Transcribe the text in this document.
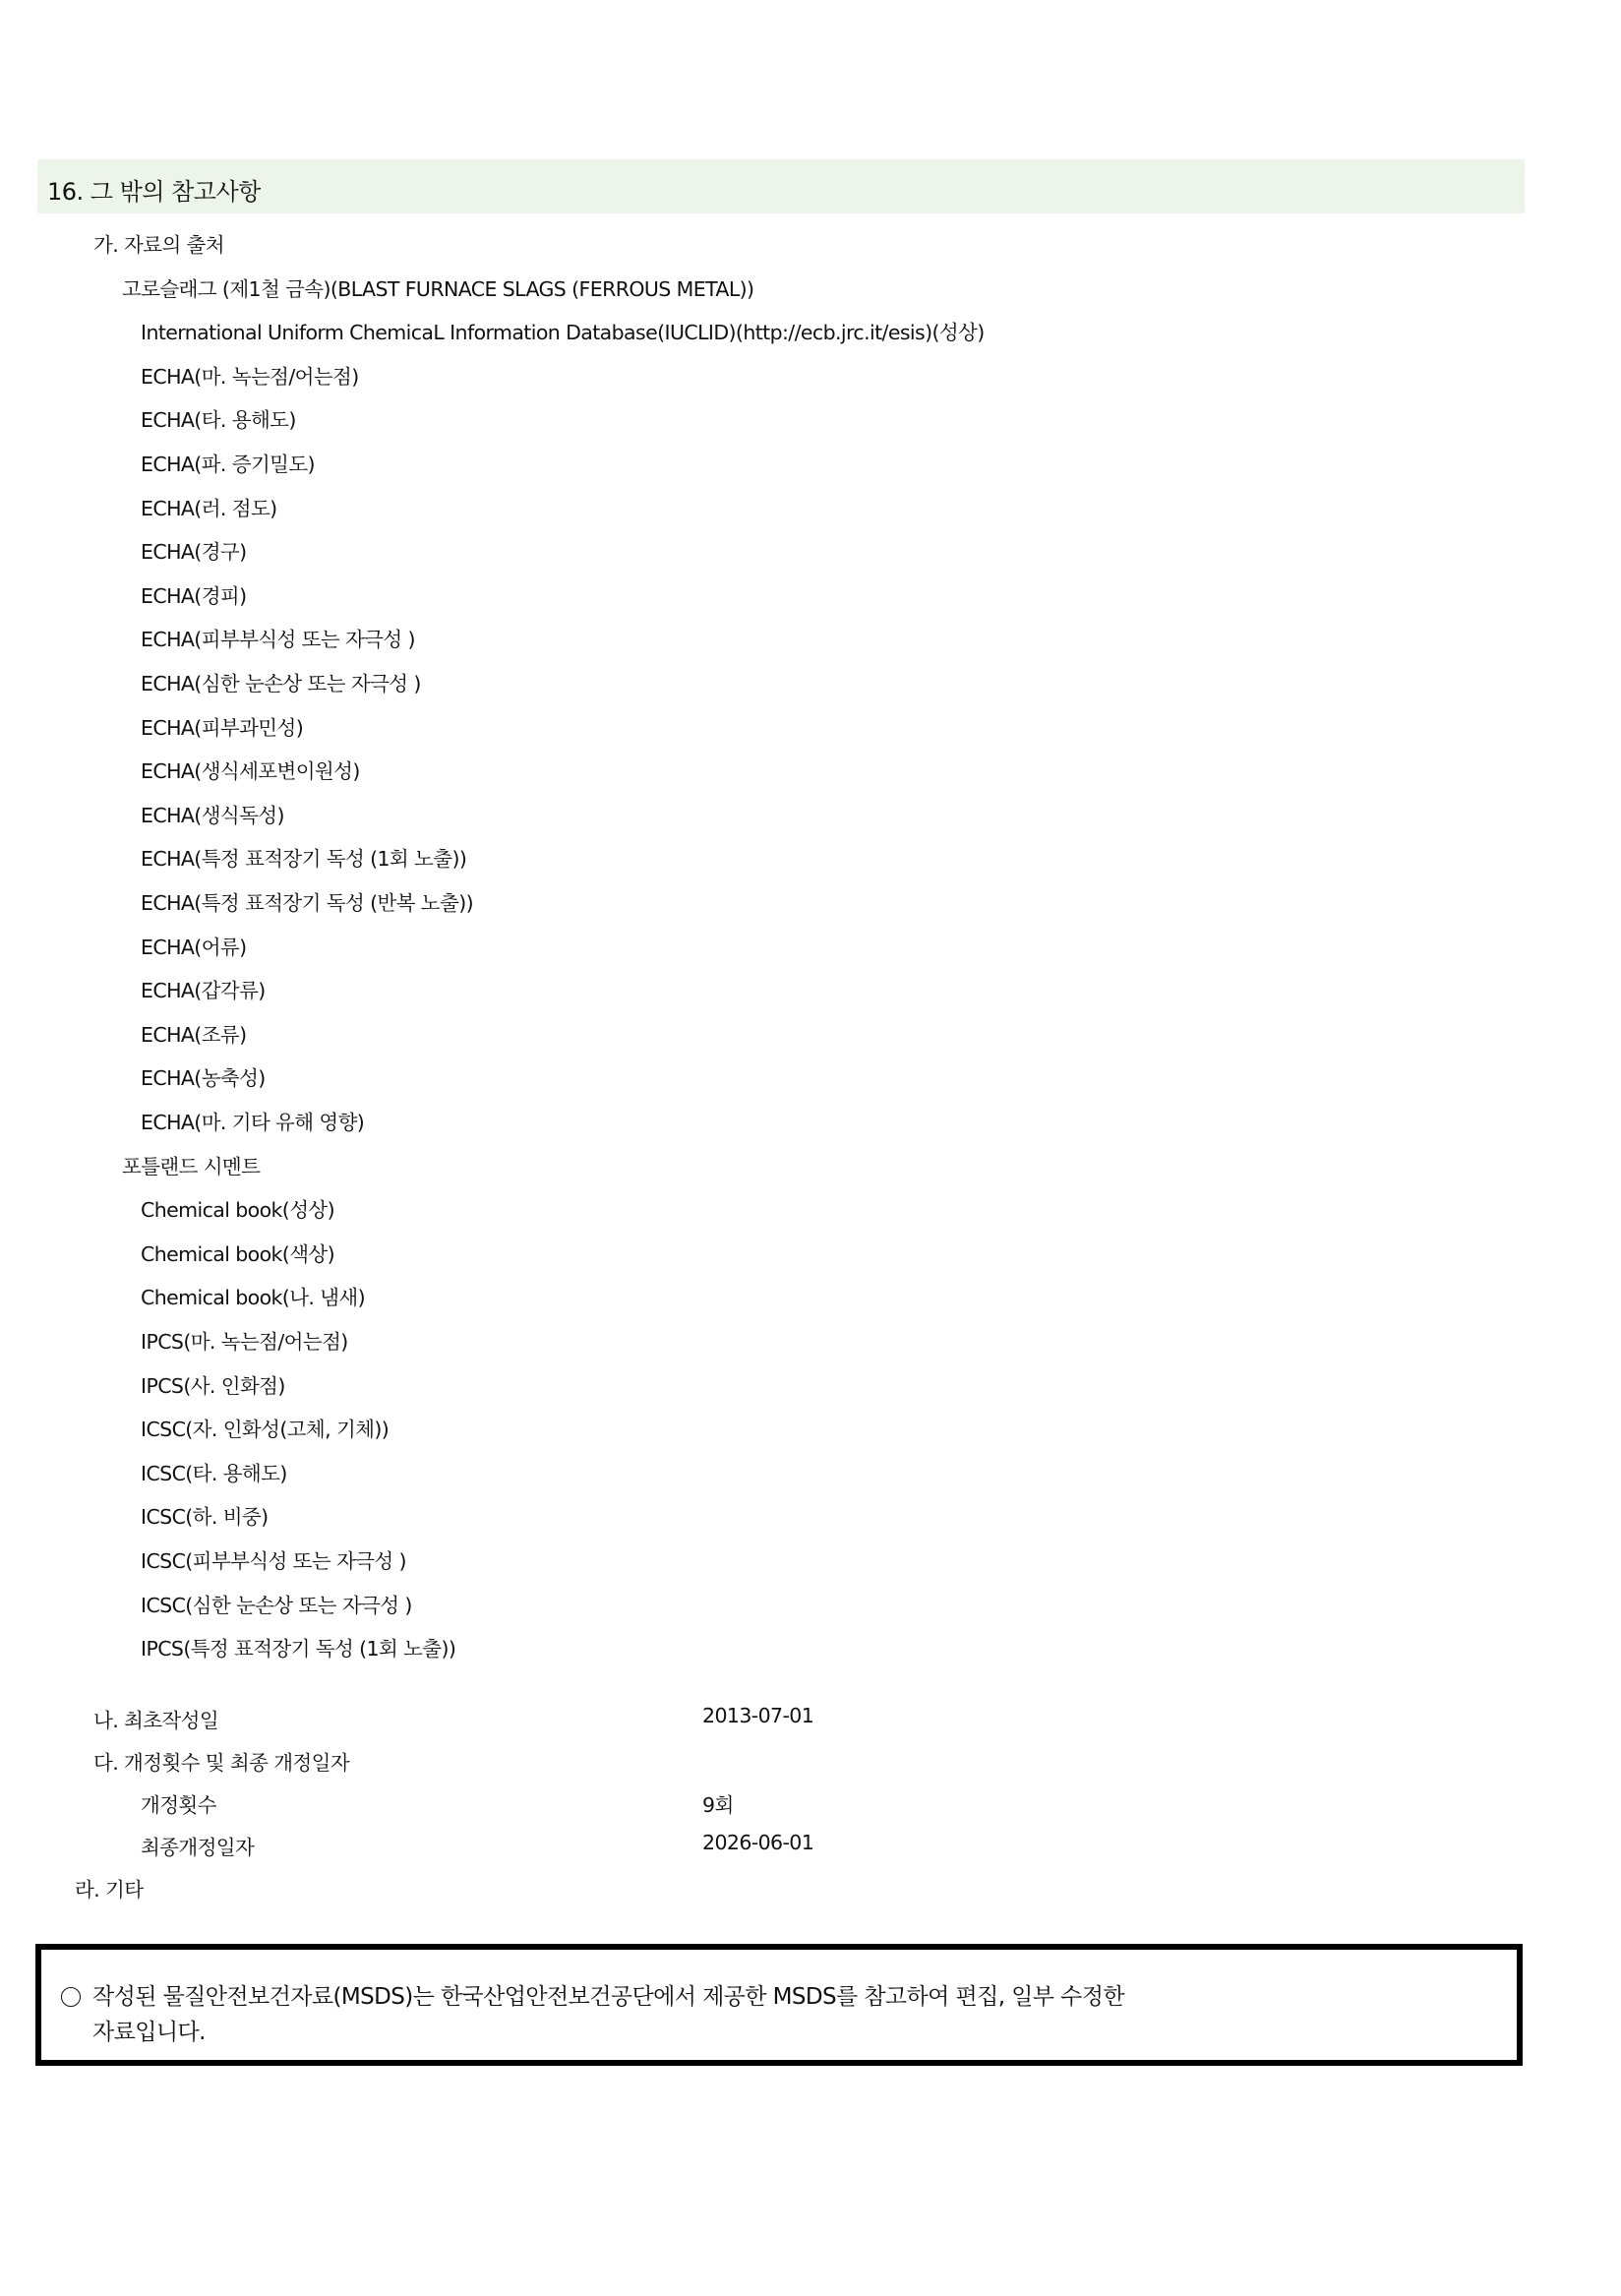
16. 그 밖의 참고사항
가. 자료의 출처
고로슬래그 (제1철 금속)(BLAST FURNACE SLAGS (FERROUS METAL))
International Uniform ChemicaL Information Database(IUCLID)(http://ecb.jrc.it/esis)(성상)
ECHA(마. 녹는점/어는점)
ECHA(타. 용해도)
ECHA(파. 증기밀도)
ECHA(러. 점도)
ECHA(경구)
ECHA(경피)
ECHA(피부부식성 또는 자극성 )
ECHA(심한 눈손상 또는 자극성 )
ECHA(피부과민성)
ECHA(생식세포변이원성)
ECHA(생식독성)
ECHA(특정 표적장기 독성 (1회 노출))
ECHA(특정 표적장기 독성 (반복 노출))
ECHA(어류)
ECHA(갑각류)
ECHA(조류)
ECHA(농축성)
ECHA(마. 기타 유해 영향)
포틀랜드 시멘트
Chemical book(성상)
Chemical book(색상)
Chemical book(나. 냄새)
IPCS(마. 녹는점/어는점)
IPCS(사. 인화점)
ICSC(자. 인화성(고체, 기체))
ICSC(타. 용해도)
ICSC(하. 비중)
ICSC(피부부식성 또는 자극성 )
ICSC(심한 눈손상 또는 자극성 )
IPCS(특정 표적장기 독성 (1회 노출))
나. 최초작성일	2013-07-01
다. 개정횟수 및 최종 개정일자
개정횟수	9회
최종개정일자	2026-06-01
라. 기타
작성된 물질안전보건자료(MSDS)는 한국산업안전보건공단에서 제공한 MSDS를 참고하여 편집, 일부 수정한
자료입니다.
